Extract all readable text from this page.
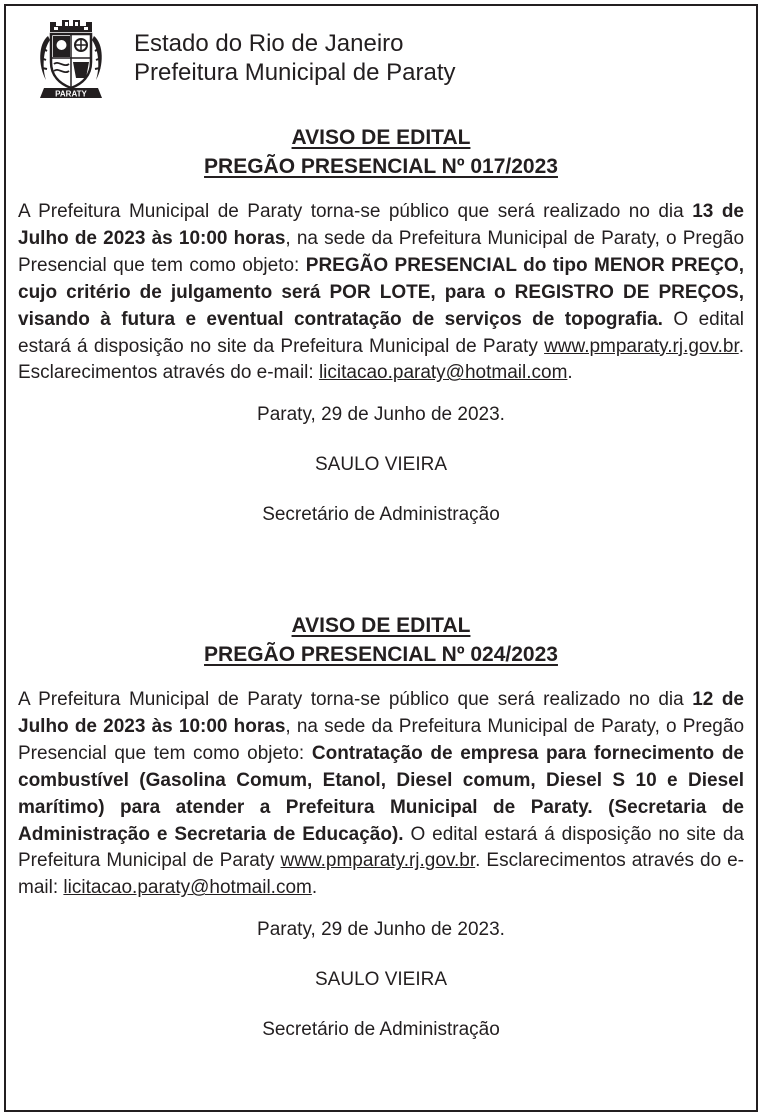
PARATY
Estado do Rio de Janeiro
Prefeitura Municipal de Paraty
AVISO DE EDITAL
PREGÃO PRESENCIAL Nº 017/2023
A Prefeitura Municipal de Paraty torna-se público que será realizado no dia 13 de Julho de 2023 às 10:00 horas, na sede da Prefeitura Municipal de Paraty, o Pregão Presencial que tem como objeto: PREGÃO PRESENCIAL do tipo MENOR PREÇO, cujo critério de julgamento será POR LOTE, para o REGISTRO DE PREÇOS, visando à futura e eventual contratação de serviços de topografia. O edital estará á disposição no site da Prefeitura Municipal de Paraty www.pmparaty.rj.gov.br. Esclarecimentos através do e-mail: licitacao.paraty@hotmail.com.
Paraty, 29 de Junho de 2023.
SAULO VIEIRA
Secretário de Administração
AVISO DE EDITAL
PREGÃO PRESENCIAL Nº 024/2023
A Prefeitura Municipal de Paraty torna-se público que será realizado no dia 12 de Julho de 2023 às 10:00 horas, na sede da Prefeitura Municipal de Paraty, o Pregão Presencial que tem como objeto: Contratação de empresa para fornecimento de combustível (Gasolina Comum, Etanol, Diesel comum, Diesel S 10 e Diesel marítimo) para atender a Prefeitura Municipal de Paraty. (Secretaria de Administração e Secretaria de Educação). O edital estará á disposição no site da Prefeitura Municipal de Paraty www.pmparaty.rj.gov.br. Esclarecimentos através do e-mail: licitacao.paraty@hotmail.com.
Paraty, 29 de Junho de 2023.
SAULO VIEIRA
Secretário de Administração
